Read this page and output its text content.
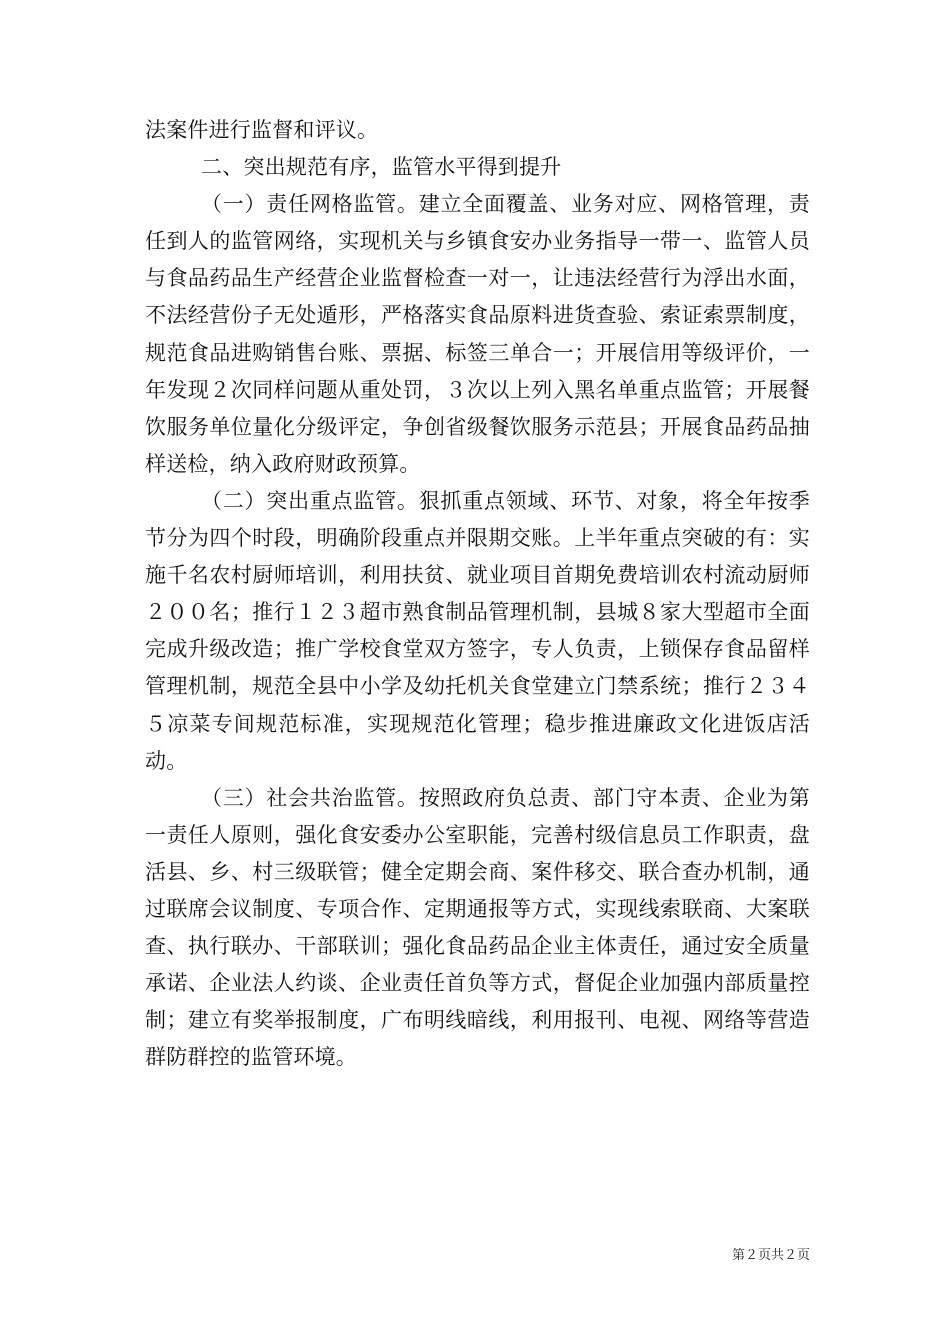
法案件进行监督和评议。

二、突出规范有序，监管水平得到提升

（一）责任网格监管。建立全面覆盖、业务对应、网格管理，责任到人的监管网络，实现机关与乡镇食安办业务指导一带一、监管人员与食品药品生产经营企业监督检查一对一，让违法经营行为浮出水面，不法经营份子无处遁形，严格落实食品原料进货查验、索证索票制度，规范食品进购销售台账、票据、标签三单合一；开展信用等级评价，一年发现２次同样问题从重处罚，３次以上列入黑名单重点监管；开展餐饮服务单位量化分级评定，争创省级餐饮服务示范县；开展食品药品抽样送检，纳入政府财政预算。

（二）突出重点监管。狠抓重点领域、环节、对象，将全年按季节分为四个时段，明确阶段重点并限期交账。上半年重点突破的有：实施千名农村厨师培训，利用扶贫、就业项目首期免费培训农村流动厨师２００名；推行１２３超市熟食制品管理机制，县城８家大型超市全面完成升级改造；推广学校食堂双方签字，专人负责，上锁保存食品留样管理机制，规范全县中小学及幼托机关食堂建立门禁系统；推行２３４５凉菜专间规范标准，实现规范化管理；稳步推进廉政文化进饭店活动。

（三）社会共治监管。按照政府负总责、部门守本责、企业为第一责任人原则，强化食安委办公室职能，完善村级信息员工作职责，盘活县、乡、村三级联管；健全定期会商、案件移交、联合查办机制，通过联席会议制度、专项合作、定期通报等方式，实现线索联商、大案联查、执行联办、干部联训；强化食品药品企业主体责任，通过安全质量承诺、企业法人约谈、企业责任首负等方式，督促企业加强内部质量控制；建立有奖举报制度，广布明线暗线，利用报刊、电视、网络等营造群防群控的监管环境。

第２页共２页
